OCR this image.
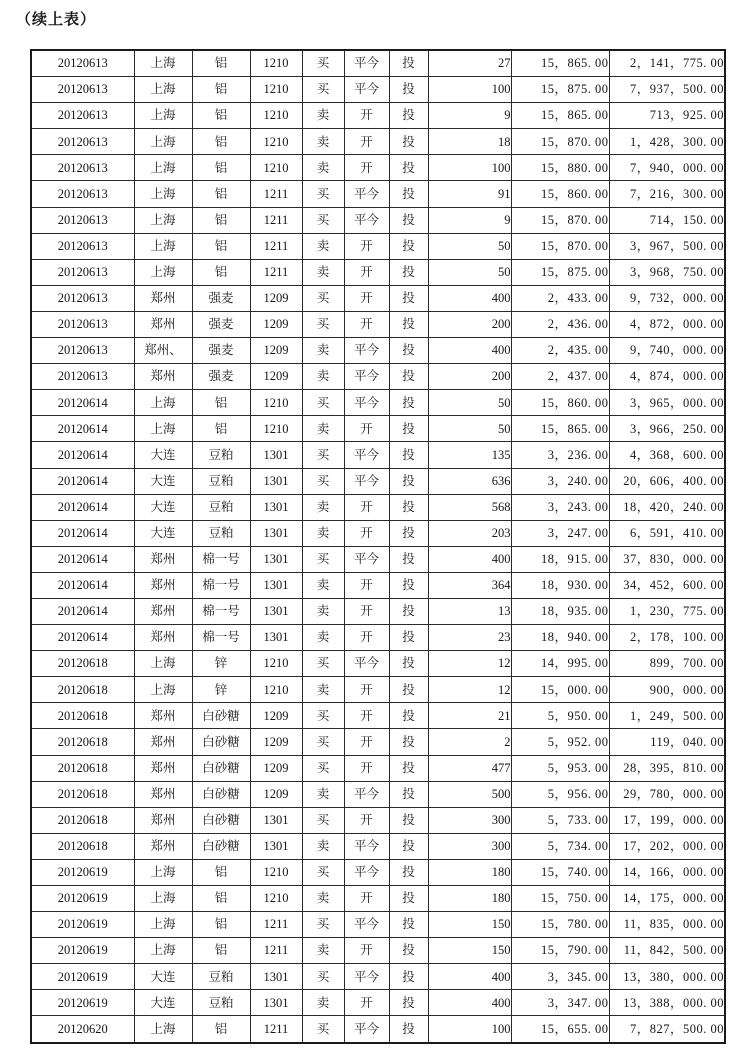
（续上表）
20120613	上海	铝	1210	买	平今	投	27	15，865. 00	2，141，775. 00
20120613	上海	铝	1210	买	平今	投	100	15，875. 00	7，937，500. 00
20120613	上海	铝	1210	卖	开	投	9	15，865. 00	713，925. 00
20120613	上海	铝	1210	卖	开	投	18	15，870. 00	1，428，300. 00
20120613	上海	铝	1210	卖	开	投	100	15，880. 00	7，940，000. 00
20120613	上海	铝	1211	买	平今	投	91	15，860. 00	7，216，300. 00
20120613	上海	铝	1211	买	平今	投	9	15，870. 00	714，150. 00
20120613	上海	铝	1211	卖	开	投	50	15，870. 00	3，967，500. 00
20120613	上海	铝	1211	卖	开	投	50	15，875. 00	3，968，750. 00
20120613	郑州	强麦	1209	买	开	投	400	2，433. 00	9，732，000. 00
20120613	郑州	强麦	1209	买	开	投	200	2，436. 00	4，872，000. 00
20120613	郑州、	强麦	1209	卖	平今	投	400	2，435. 00	9，740，000. 00
20120613	郑州	强麦	1209	卖	平今	投	200	2，437. 00	4，874，000. 00
20120614	上海	铝	1210	买	平今	投	50	15，860. 00	3，965，000. 00
20120614	上海	铝	1210	卖	开	投	50	15，865. 00	3，966，250. 00
20120614	大连	豆粕	1301	买	平今	投	135	3，236. 00	4，368，600. 00
20120614	大连	豆粕	1301	买	平今	投	636	3，240. 00	20，606，400. 00
20120614	大连	豆粕	1301	卖	开	投	568	3，243. 00	18，420，240. 00
20120614	大连	豆粕	1301	卖	开	投	203	3，247. 00	6，591，410. 00
20120614	郑州	棉一号	1301	买	平今	投	400	18，915. 00	37，830，000. 00
20120614	郑州	棉一号	1301	卖	开	投	364	18，930. 00	34，452，600. 00
20120614	郑州	棉一号	1301	卖	开	投	13	18，935. 00	1，230，775. 00
20120614	郑州	棉一号	1301	卖	开	投	23	18，940. 00	2，178，100. 00
20120618	上海	锌	1210	买	平今	投	12	14，995. 00	899，700. 00
20120618	上海	锌	1210	卖	开	投	12	15，000. 00	900，000. 00
20120618	郑州	白砂糖	1209	买	开	投	21	5，950. 00	1，249，500. 00
20120618	郑州	白砂糖	1209	买	开	投	2	5，952. 00	119，040. 00
20120618	郑州	白砂糖	1209	买	开	投	477	5，953. 00	28，395，810. 00
20120618	郑州	白砂糖	1209	卖	平今	投	500	5，956. 00	29，780，000. 00
20120618	郑州	白砂糖	1301	买	开	投	300	5，733. 00	17，199，000. 00
20120618	郑州	白砂糖	1301	卖	平今	投	300	5，734. 00	17，202，000. 00
20120619	上海	铝	1210	买	平今	投	180	15，740. 00	14，166，000. 00
20120619	上海	铝	1210	卖	开	投	180	15，750. 00	14，175，000. 00
20120619	上海	铝	1211	买	平今	投	150	15，780. 00	11，835，000. 00
20120619	上海	铝	1211	卖	开	投	150	15，790. 00	11，842，500. 00
20120619	大连	豆粕	1301	买	平今	投	400	3，345. 00	13，380，000. 00
20120619	大连	豆粕	1301	卖	开	投	400	3，347. 00	13，388，000. 00
20120620	上海	铝	1211	买	平今	投	100	15，655. 00	7，827，500. 00
